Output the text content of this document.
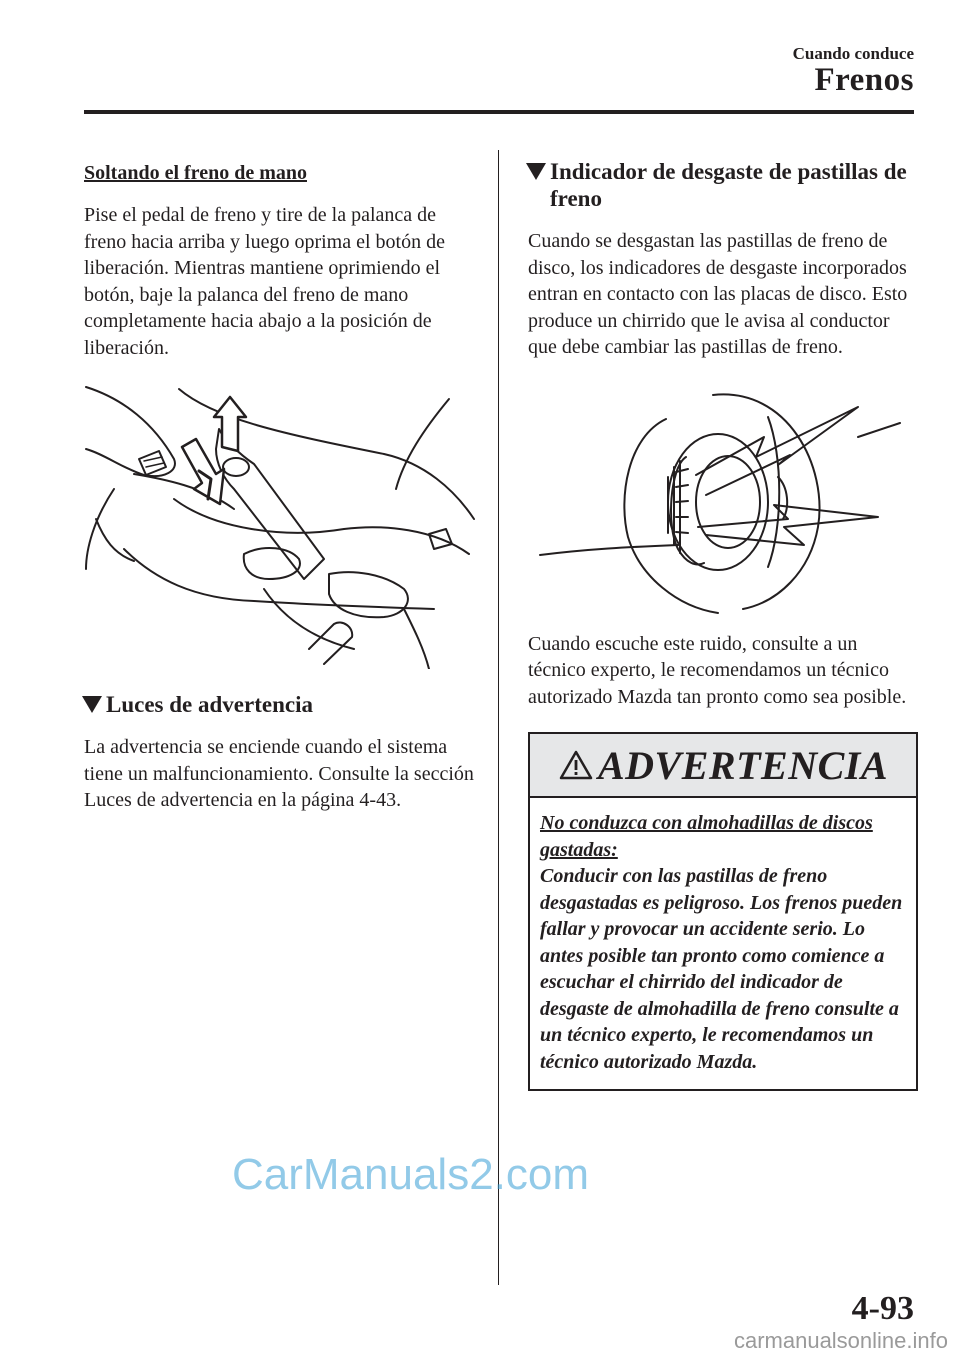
Cuando conduce
Frenos
Soltando el freno de mano

Pise el pedal de freno y tire de la palanca de freno hacia arriba y luego oprima el botón de liberación. Mientras mantiene oprimiendo el botón, baje la palanca del freno de mano completamente hacia abajo a la posición de liberación.

Luces de advertencia

La advertencia se enciende cuando el sistema tiene un malfuncionamiento. Consulte la sección Luces de advertencia en la página 4-43.

Indicador de desgaste de pastillas de freno

Cuando se desgastan las pastillas de freno de disco, los indicadores de desgaste incorporados entran en contacto con las placas de disco. Esto produce un chirrido que le avisa al conductor que debe cambiar las pastillas de freno.

Cuando escuche este ruido, consulte a un técnico experto, le recomendamos un técnico autorizado Mazda tan pronto como sea posible.

ADVERTENCIA
No conduzca con almohadillas de discos gastadas:
Conducir con las pastillas de freno desgastadas es peligroso. Los frenos pueden fallar y provocar un accidente serio. Lo antes posible tan pronto como comience a escuchar el chirrido del indicador de desgaste de almohadilla de freno consulte a un técnico experto, le recomendamos un técnico autorizado Mazda.
CarManuals2.com
4-93
carmanualsonline.info
